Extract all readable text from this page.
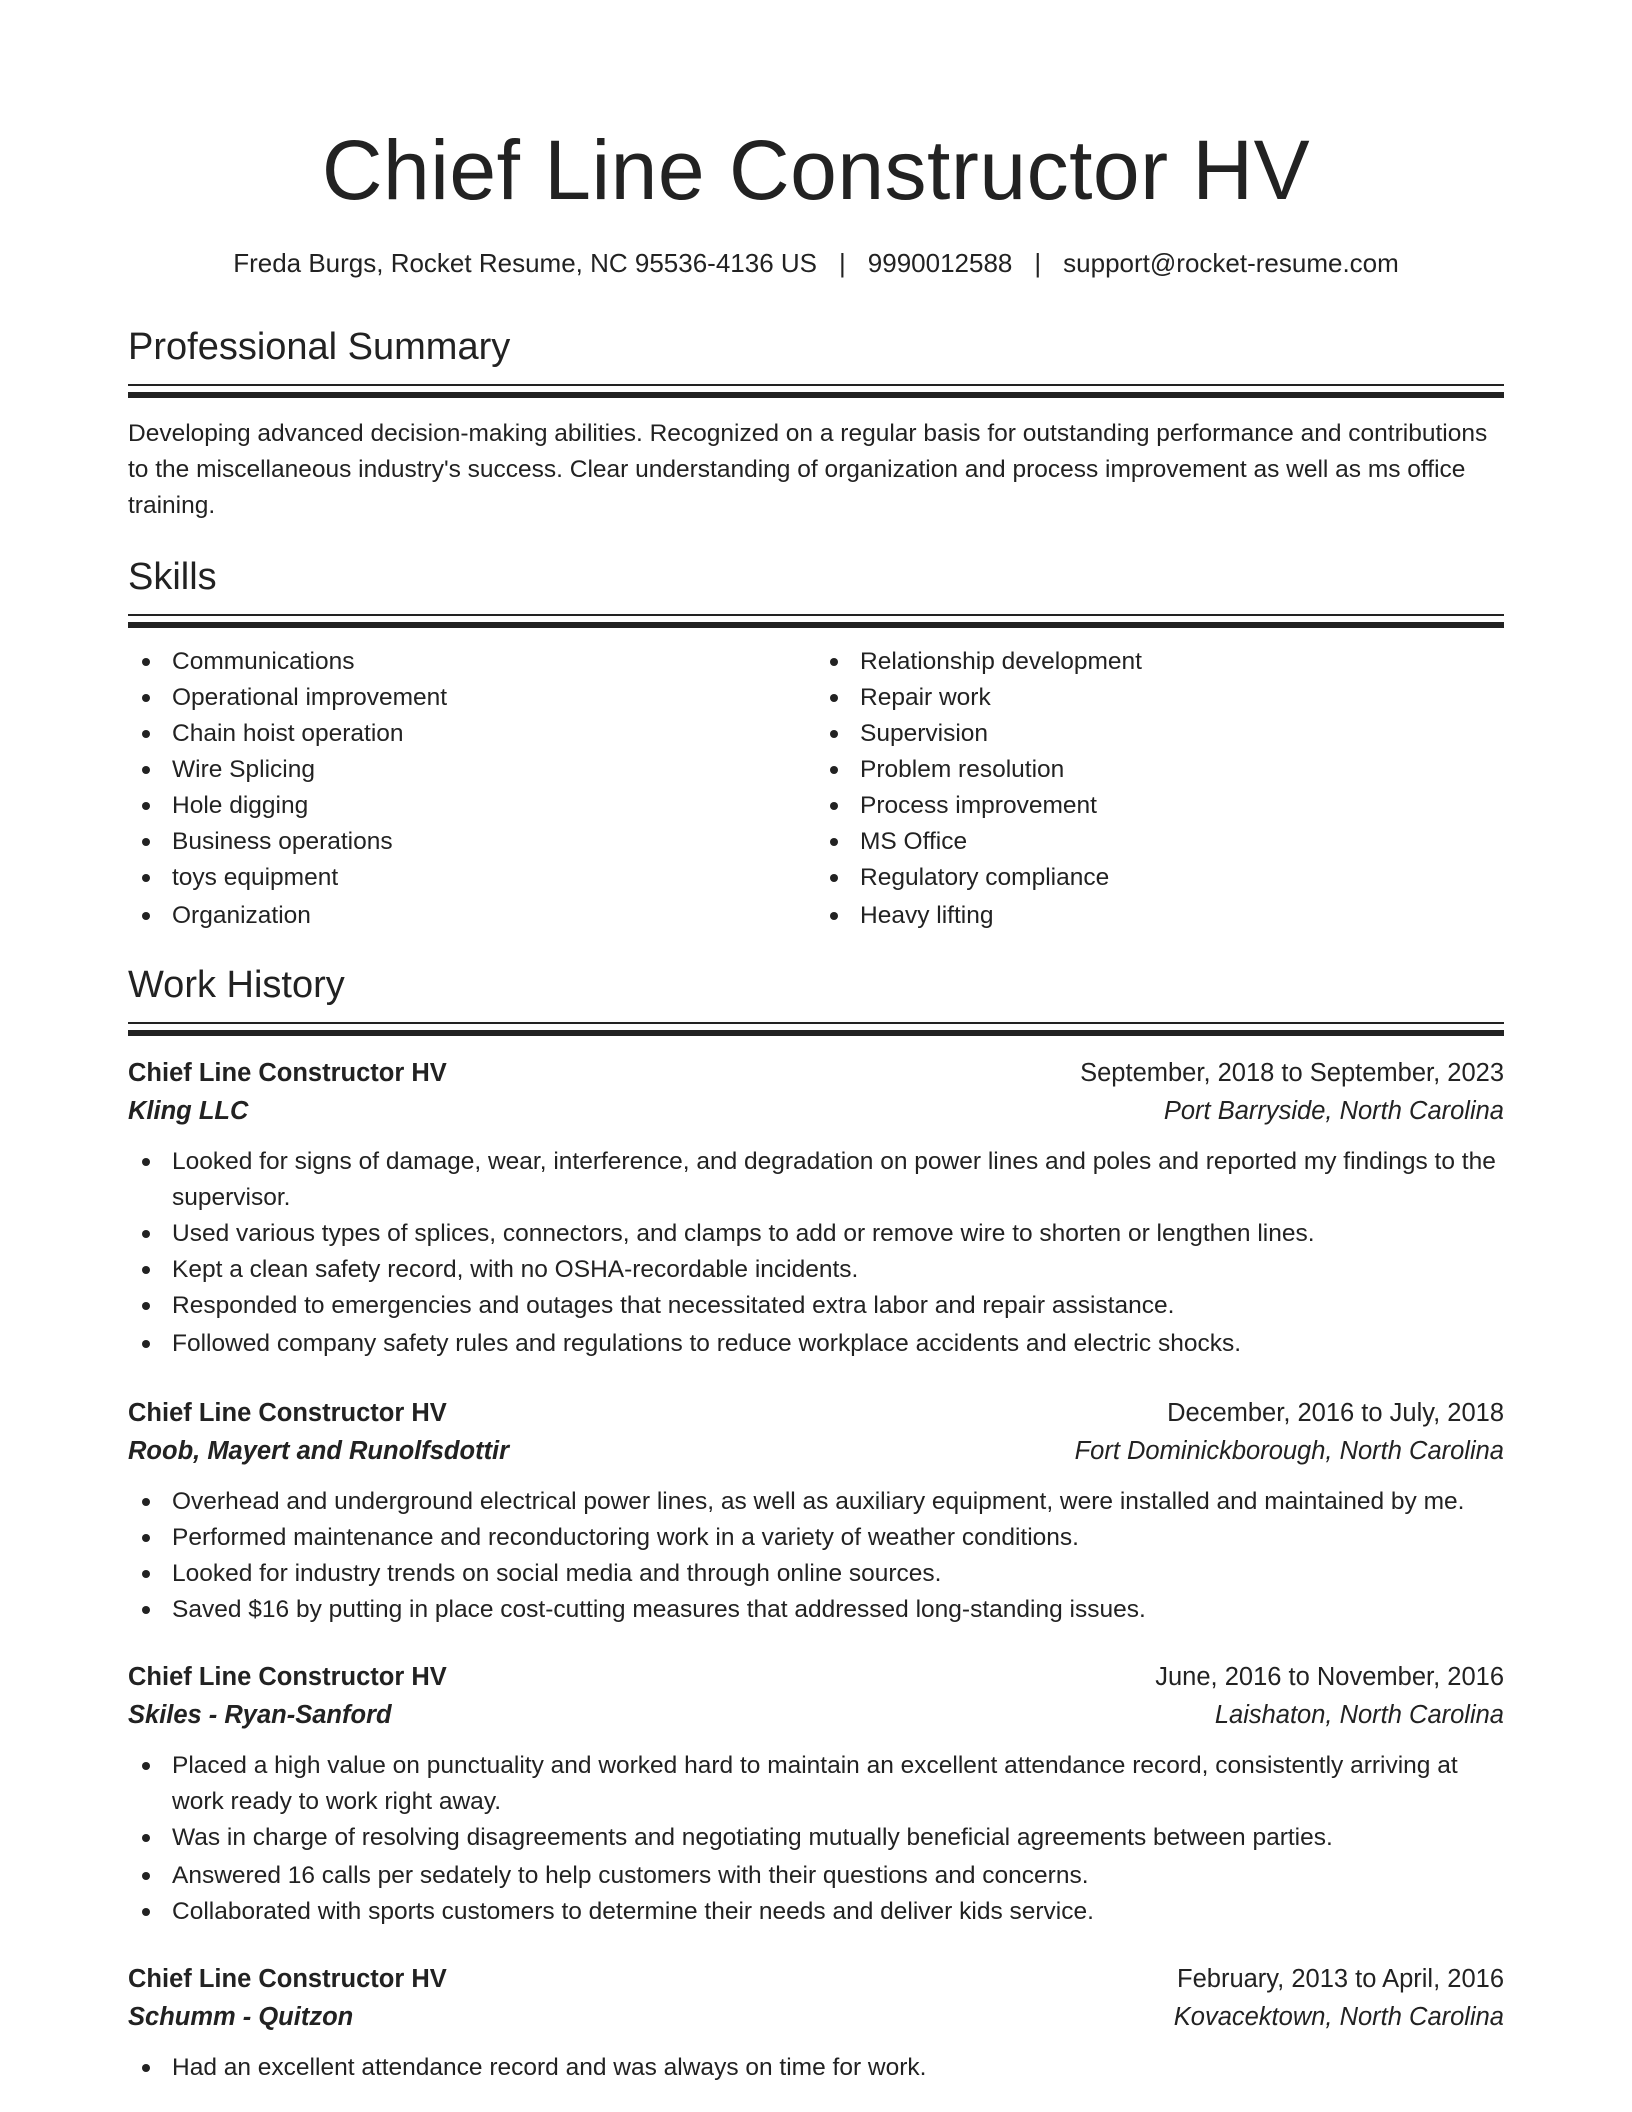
Chief Line Constructor HV
Freda Burgs, Rocket Resume, NC 95536-4136 US | 9990012588 | support@rocket-resume.com
Professional Summary

Developing advanced decision-making abilities. Recognized on a regular basis for outstanding performance and contributions to the miscellaneous industry's success. Clear understanding of organization and process improvement as well as ms office training.

Skills
Communications
Operational improvement
Chain hoist operation
Wire Splicing
Hole digging
Business operations
toys equipment
Organization
Relationship development
Repair work
Supervision
Problem resolution
Process improvement
MS Office
Regulatory compliance
Heavy lifting
Work History
Chief Line Constructor HV	September, 2018 to September, 2023
Kling LLC	Port Barryside, North Carolina
Looked for signs of damage, wear, interference, and degradation on power lines and poles and reported my findings to the supervisor.
Used various types of splices, connectors, and clamps to add or remove wire to shorten or lengthen lines.
Kept a clean safety record, with no OSHA-recordable incidents.
Responded to emergencies and outages that necessitated extra labor and repair assistance.
Followed company safety rules and regulations to reduce workplace accidents and electric shocks.
Chief Line Constructor HV	December, 2016 to July, 2018
Roob, Mayert and Runolfsdottir	Fort Dominickborough, North Carolina
Overhead and underground electrical power lines, as well as auxiliary equipment, were installed and maintained by me.
Performed maintenance and reconductoring work in a variety of weather conditions.
Looked for industry trends on social media and through online sources.
Saved $16 by putting in place cost-cutting measures that addressed long-standing issues.
Chief Line Constructor HV	June, 2016 to November, 2016
Skiles - Ryan-Sanford	Laishaton, North Carolina
Placed a high value on punctuality and worked hard to maintain an excellent attendance record, consistently arriving at work ready to work right away.
Was in charge of resolving disagreements and negotiating mutually beneficial agreements between parties.
Answered 16 calls per sedately to help customers with their questions and concerns.
Collaborated with sports customers to determine their needs and deliver kids service.
Chief Line Constructor HV	February, 2013 to April, 2016
Schumm - Quitzon	Kovacektown, North Carolina
Had an excellent attendance record and was always on time for work.
